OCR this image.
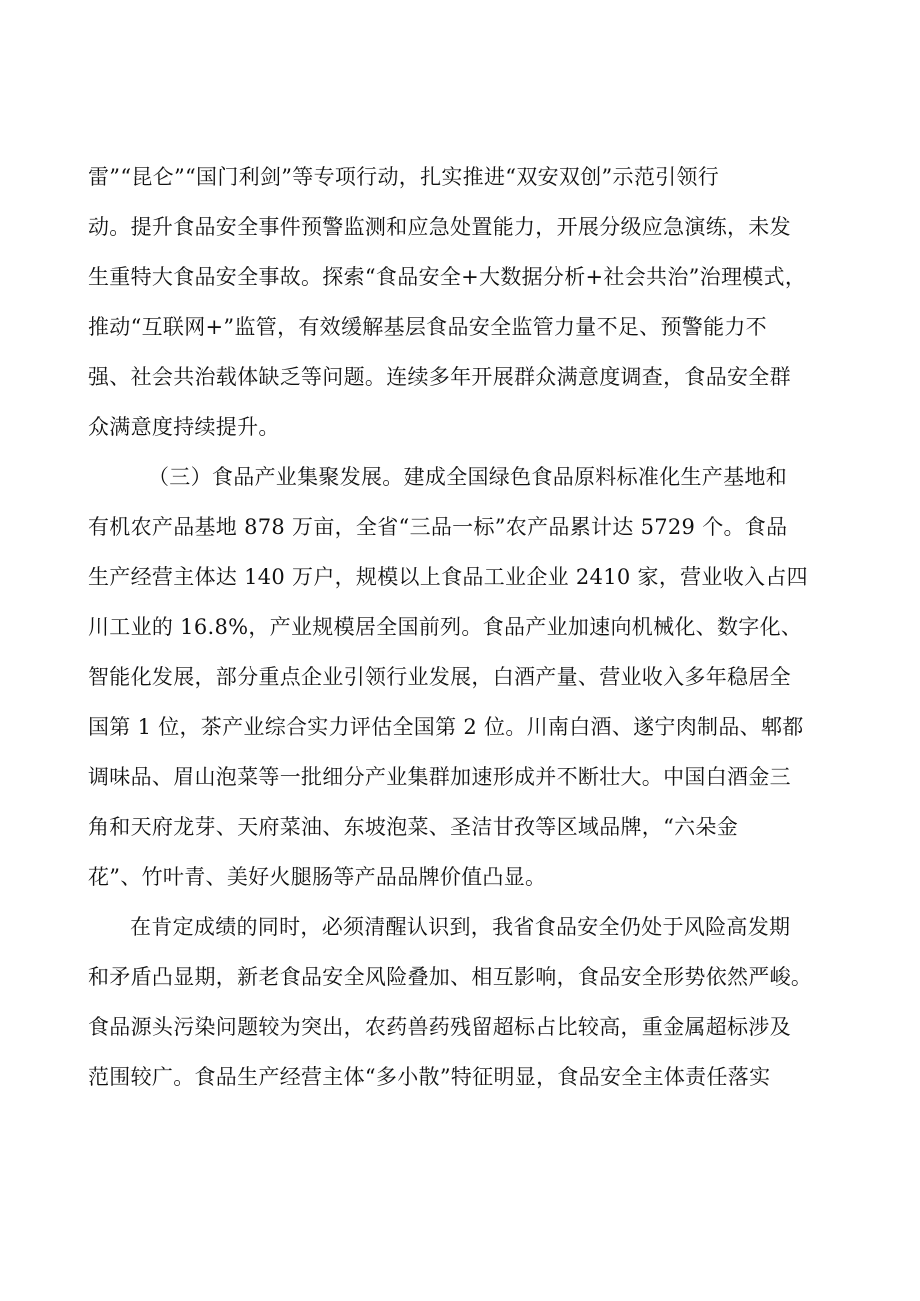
雷”“昆仑”“国门利剑”等专项行动，扎实推进“双安双创”示范引领行
动。提升食品安全事件预警监测和应急处置能力，开展分级应急演练，未发
生重特大食品安全事故。探索“食品安全+大数据分析+社会共治”治理模式，
推动“互联网+”监管，有效缓解基层食品安全监管力量不足、预警能力不
强、社会共治载体缺乏等问题。连续多年开展群众满意度调查，食品安全群
众满意度持续提升。
（三）食品产业集聚发展。建成全国绿色食品原料标准化生产基地和
有机农产品基地 878 万亩，全省“三品一标”农产品累计达 5729 个。食品
生产经营主体达 140 万户，规模以上食品工业企业 2410 家，营业收入占四
川工业的 16.8%，产业规模居全国前列。食品产业加速向机械化、数字化、
智能化发展，部分重点企业引领行业发展，白酒产量、营业收入多年稳居全
国第 1 位，茶产业综合实力评估全国第 2 位。川南白酒、遂宁肉制品、郫都
调味品、眉山泡菜等一批细分产业集群加速形成并不断壮大。中国白酒金三
角和天府龙芽、天府菜油、东坡泡菜、圣洁甘孜等区域品牌，“六朵金
花”、竹叶青、美好火腿肠等产品品牌价值凸显。
在肯定成绩的同时，必须清醒认识到，我省食品安全仍处于风险高发期
和矛盾凸显期，新老食品安全风险叠加、相互影响，食品安全形势依然严峻。
食品源头污染问题较为突出，农药兽药残留超标占比较高，重金属超标涉及
范围较广。食品生产经营主体“多小散”特征明显，食品安全主体责任落实
